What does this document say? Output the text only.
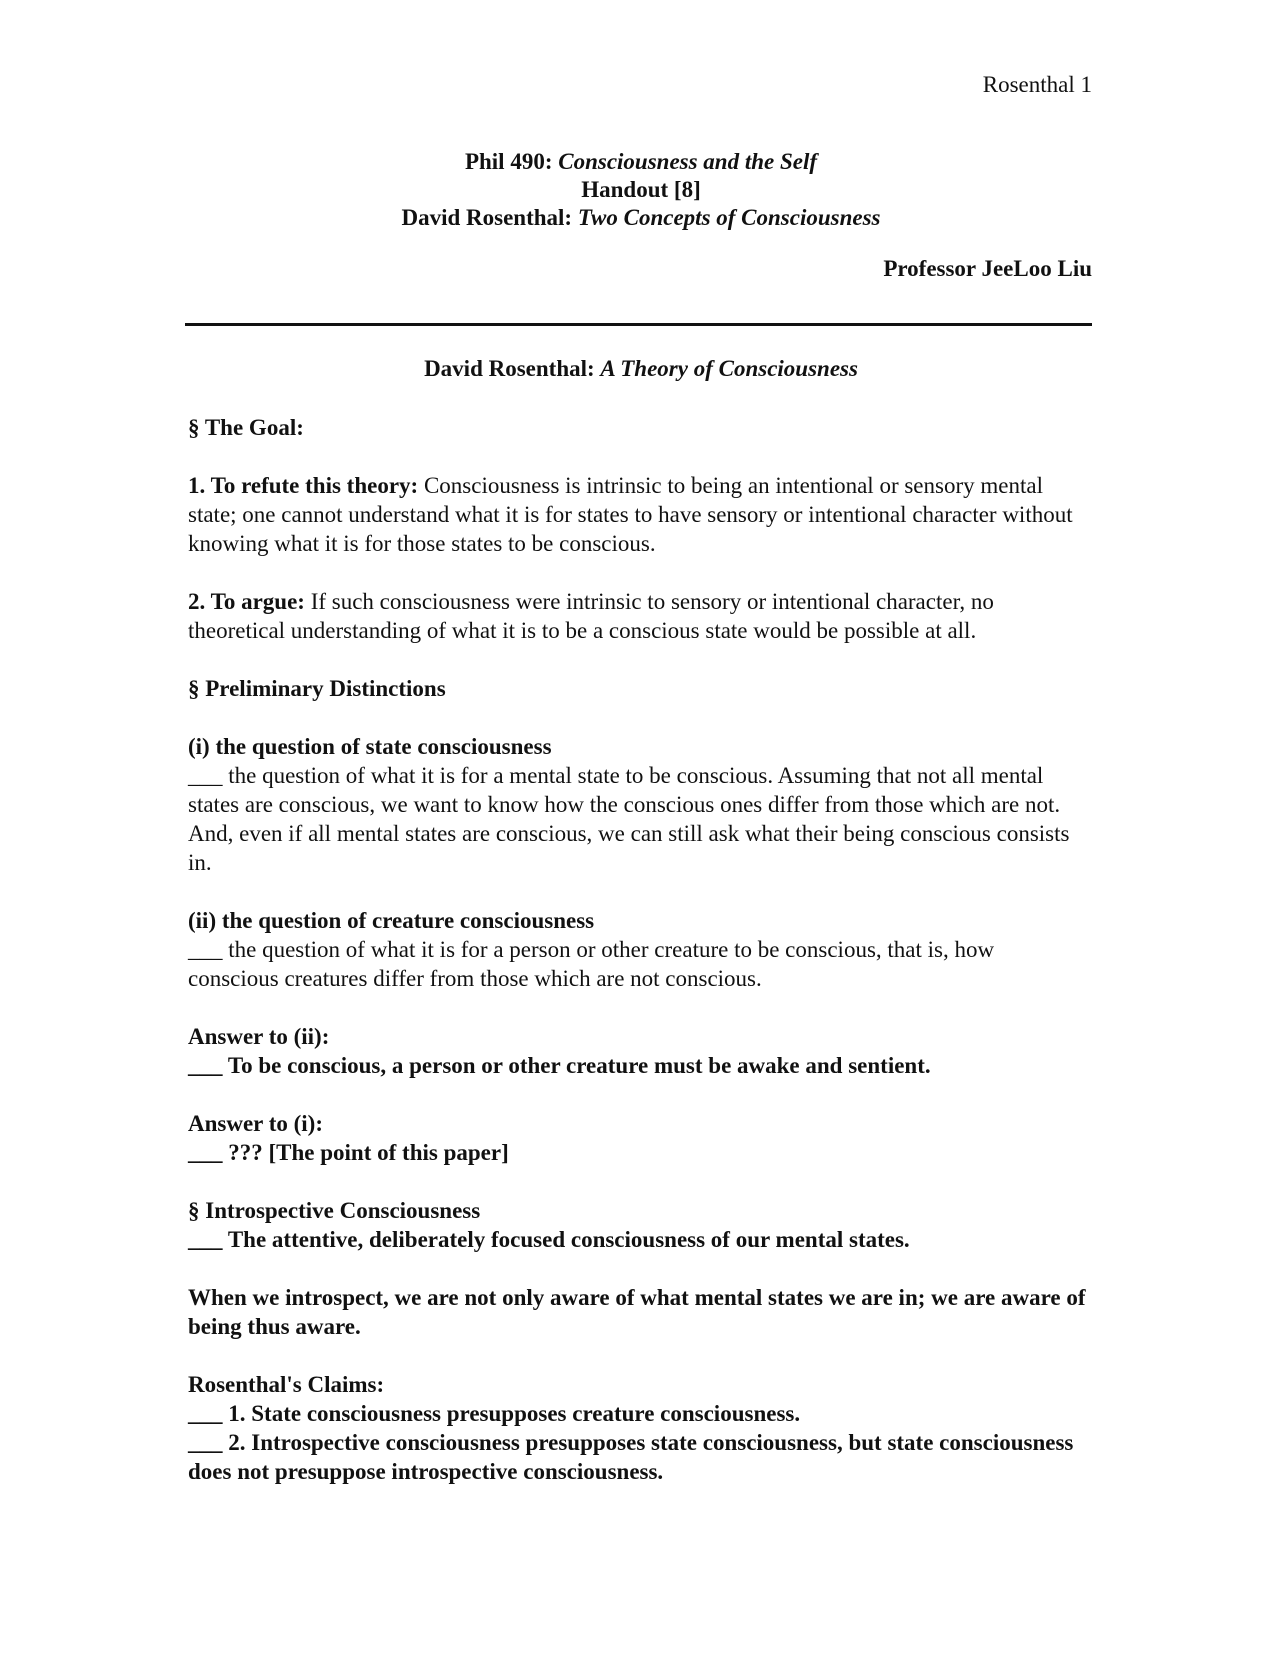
Rosenthal 1
Phil 490: Consciousness and the Self
Handout [8]
David Rosenthal: Two Concepts of Consciousness
Professor JeeLoo Liu
David Rosenthal: A Theory of Consciousness

§ The Goal:

1. To refute this theory: Consciousness is intrinsic to being an intentional or sensory mental state; one cannot understand what it is for states to have sensory or intentional character without knowing what it is for those states to be conscious.

2. To argue: If such consciousness were intrinsic to sensory or intentional character, no theoretical understanding of what it is to be a conscious state would be possible at all.

§ Preliminary Distinctions

(i) the question of state consciousness
___ the question of what it is for a mental state to be conscious. Assuming that not all mental states are conscious, we want to know how the conscious ones differ from those which are not. And, even if all mental states are conscious, we can still ask what their being conscious consists in.

(ii) the question of creature consciousness
___ the question of what it is for a person or other creature to be conscious, that is, how conscious creatures differ from those which are not conscious.

Answer to (ii):
___ To be conscious, a person or other creature must be awake and sentient.

Answer to (i):
___ ??? [The point of this paper]

§ Introspective Consciousness
___ The attentive, deliberately focused consciousness of our mental states.

When we introspect, we are not only aware of what mental states we are in; we are aware of being thus aware.

Rosenthal's Claims:
___ 1. State consciousness presupposes creature consciousness.
___ 2. Introspective consciousness presupposes state consciousness, but state consciousness does not presuppose introspective consciousness.
